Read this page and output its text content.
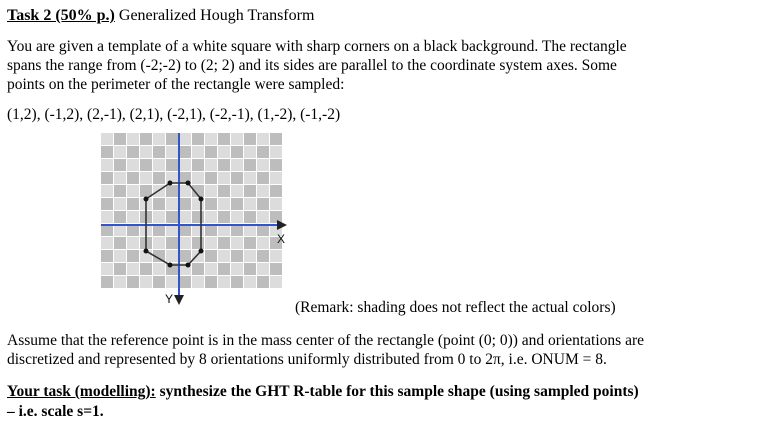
Task 2 (50% p.) Generalized Hough Transform
You are given a template of a white square with sharp corners on a black background. The rectangle
spans the range from (-2;-2) to (2; 2) and its sides are parallel to the coordinate system axes. Some
points on the perimeter of the rectangle were sampled:
(1,2), (-1,2), (2,-1), (2,1), (-2,1), (-2,-1), (1,-2), (-1,-2)
X
Y	(Remark: shading does not reflect the actual colors)
Assume that the reference point is in the mass center of the rectangle (point (0; 0)) and orientations are
discretized and represented by 8 orientations uniformly distributed from 0 to 2π, i.e. ONUM = 8.
Your task (modelling): synthesize the GHT R-table for this sample shape (using sampled points)
– i.e. scale s=1.
